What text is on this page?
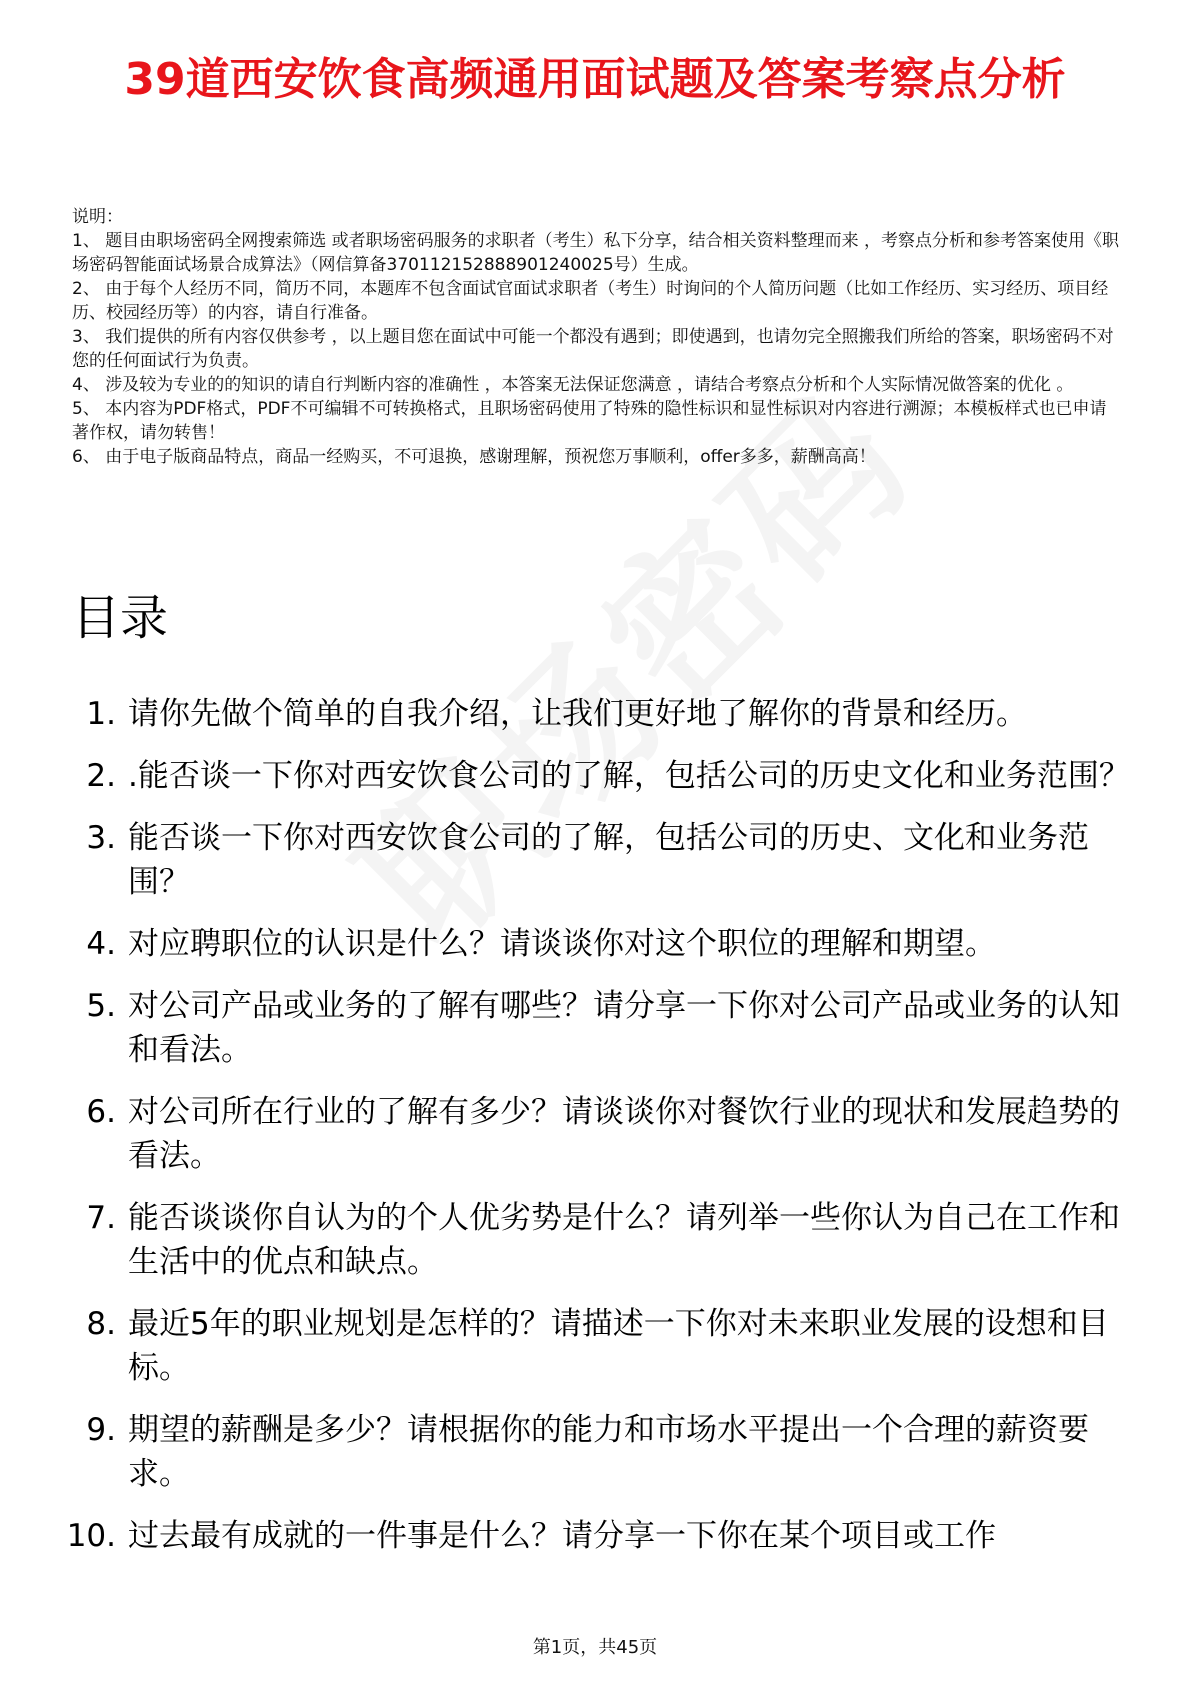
39道西安饮食高频通用面试题及答案考察点分析

说明：

1、 题目由职场密码全网搜索筛选 或者职场密码服务的求职者（考生）私下分享，结合相关资料整理而来 ，考察点分析和参考答案使用《职场密码智能面试场景合成算法》（网信算备370112152888901240025号）生成。

2、 由于每个人经历不同，简历不同，本题库不包含面试官面试求职者（考生）时询问的个人简历问题（比如工作经历、实习经历、项目经历、校园经历等）的内容，请自行准备。

3、 我们提供的所有内容仅供参考 ，以上题目您在面试中可能一个都没有遇到；即使遇到，也请勿完全照搬我们所给的答案，职场密码不对您的任何面试行为负责。

4、 涉及较为专业的的知识的请自行判断内容的准确性 ，本答案无法保证您满意 ，请结合考察点分析和个人实际情况做答案的优化 。

5、 本内容为PDF格式，PDF不可编辑不可转换格式，且职场密码使用了特殊的隐性标识和显性标识对内容进行溯源；本模板样式也已申请著作权，请勿转售！

6、 由于电子版商品特点，商品一经购买，不可退换，感谢理解，预祝您万事顺利，offer多多，薪酬高高！

目录
1. 请你先做个简单的自我介绍，让我们更好地了解你的背景和经历。
2. .能否谈一下你对西安饮食公司的了解，包括公司的历史文化和业务范围？
3. 能否谈一下你对西安饮食公司的了解，包括公司的历史、文化和业务范围？
4. 对应聘职位的认识是什么？请谈谈你对这个职位的理解和期望。
5. 对公司产品或业务的了解有哪些？请分享一下你对公司产品或业务的认知和看法。
6. 对公司所在行业的了解有多少？请谈谈你对餐饮行业的现状和发展趋势的看法。
7. 能否谈谈你自认为的个人优劣势是什么？请列举一些你认为自己在工作和生活中的优点和缺点。
8. 最近5年的职业规划是怎样的？请描述一下你对未来职业发展的设想和目标。
9. 期望的薪酬是多少？请根据你的能力和市场水平提出一个合理的薪资要求。
10. 过去最有成就的一件事是什么？请分享一下你在某个项目或工作
第1页，共45页
